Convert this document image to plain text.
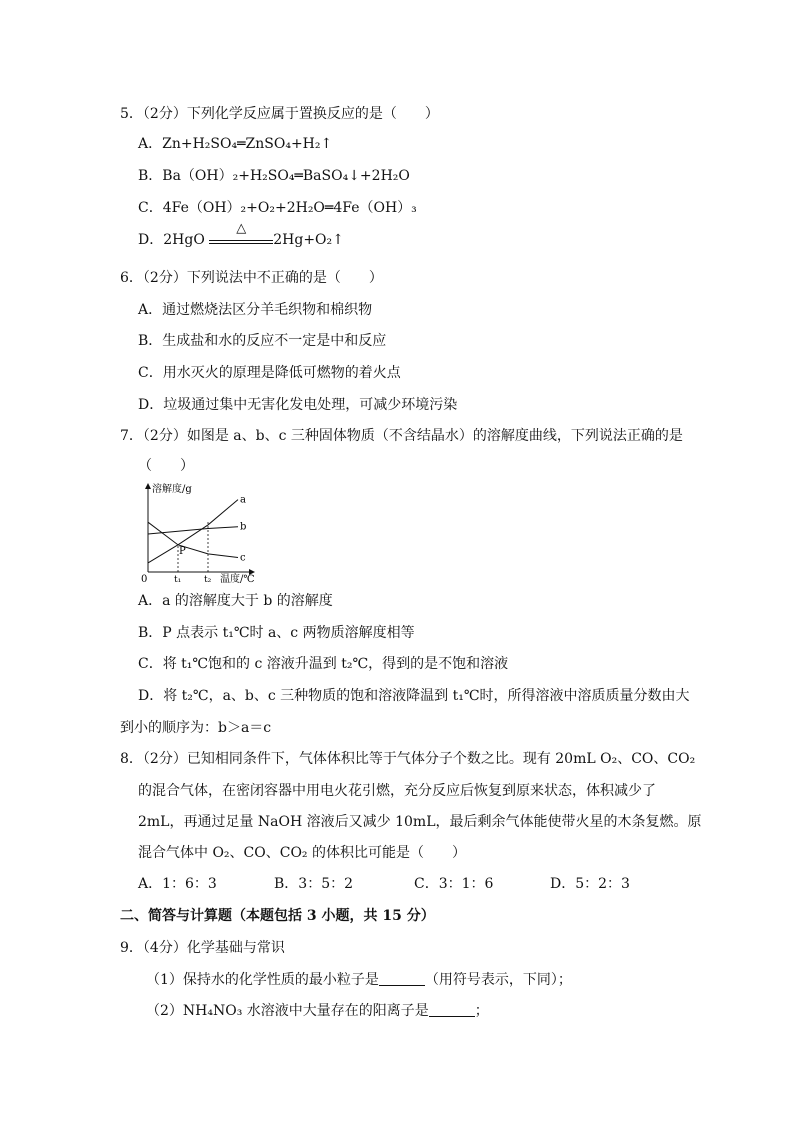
5．（2分）下列化学反应属于置换反应的是（　　）
A．Zn+H₂SO₄═ZnSO₄+H₂↑
B．Ba（OH）₂+H₂SO₄═BaSO₄↓+2H₂O
C．4Fe（OH）₂+O₂+2H₂O═4Fe（OH）₃
D．2HgO
△
2Hg+O₂↑
6．（2分）下列说法中不正确的是（　　）
A．通过燃烧法区分羊毛织物和棉织物
B．生成盐和水的反应不一定是中和反应
C．用水灭火的原理是降低可燃物的着火点
D．垃圾通过集中无害化发电处理，可减少环境污染
7．（2分）如图是 a、b、c 三种固体物质（不含结晶水）的溶解度曲线，下列说法正确的是
（　　）
a
b
c
溶解度/g
0	t₁	t₂ 温度/℃
P
A．a 的溶解度大于 b 的溶解度
B．P 点表示 t₁℃时 a、c 两物质溶解度相等
C．将 t₁℃饱和的 c 溶液升温到 t₂℃，得到的是不饱和溶液
D．将 t₂℃，a、b、c 三种物质的饱和溶液降温到 t₁℃时，所得溶液中溶质质量分数由大
到小的顺序为：b＞a＝c
8．（2分）已知相同条件下，气体体积比等于气体分子个数之比。现有 20mL O₂、CO、CO₂
的混合气体，在密闭容器中用电火花引燃，充分反应后恢复到原来状态，体积减少了
2mL，再通过足量 NaOH 溶液后又减少 10mL，最后剩余气体能使带火星的木条复燃。原
混合气体中 O₂、CO、CO₂ 的体积比可能是（　　）
A．1：6：3	B．3：5：2	C．3：1：6	D．5：2：3
二、简答与计算题（本题包括 3 小题，共 15 分）
9．（4分）化学基础与常识
（1）保持水的化学性质的最小粒子是	（用符号表示，下同）；
（2）NH₄NO₃ 水溶液中大量存在的阳离子是	；
